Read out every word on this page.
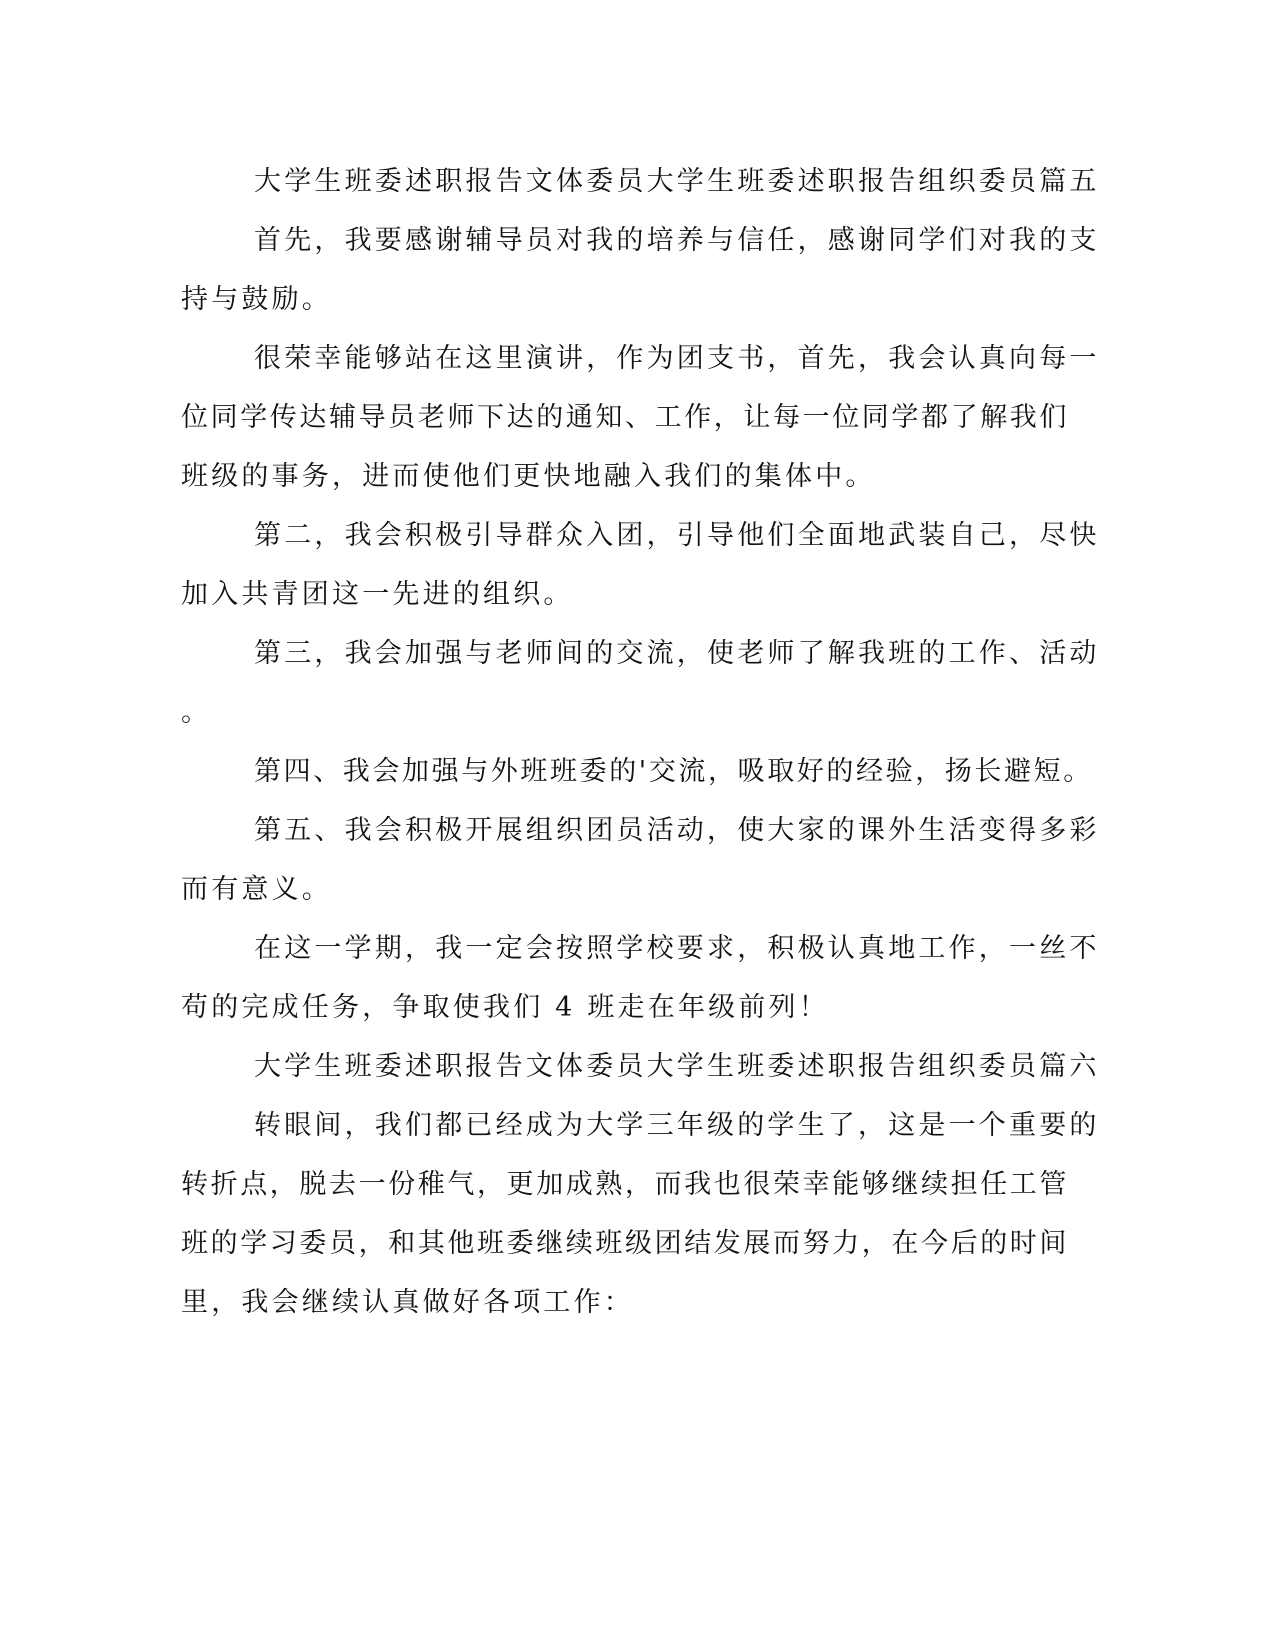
大学生班委述职报告文体委员大学生班委述职报告组织委员篇五
首先，我要感谢辅导员对我的培养与信任，感谢同学们对我的支
持与鼓励。
很荣幸能够站在这里演讲，作为团支书，首先，我会认真向每一
位同学传达辅导员老师下达的通知、工作，让每一位同学都了解我们
班级的事务，进而使他们更快地融入我们的集体中。
第二，我会积极引导群众入团，引导他们全面地武装自己，尽快
加入共青团这一先进的组织。
第三，我会加强与老师间的交流，使老师了解我班的工作、活动
。
第四、我会加强与外班班委的'交流，吸取好的经验，扬长避短。
第五、我会积极开展组织团员活动，使大家的课外生活变得多彩
而有意义。
在这一学期，我一定会按照学校要求，积极认真地工作，一丝不
苟的完成任务，争取使我们 4 班走在年级前列！
大学生班委述职报告文体委员大学生班委述职报告组织委员篇六
转眼间，我们都已经成为大学三年级的学生了，这是一个重要的
转折点，脱去一份稚气，更加成熟，而我也很荣幸能够继续担任工管
班的学习委员，和其他班委继续班级团结发展而努力，在今后的时间
里，我会继续认真做好各项工作：
